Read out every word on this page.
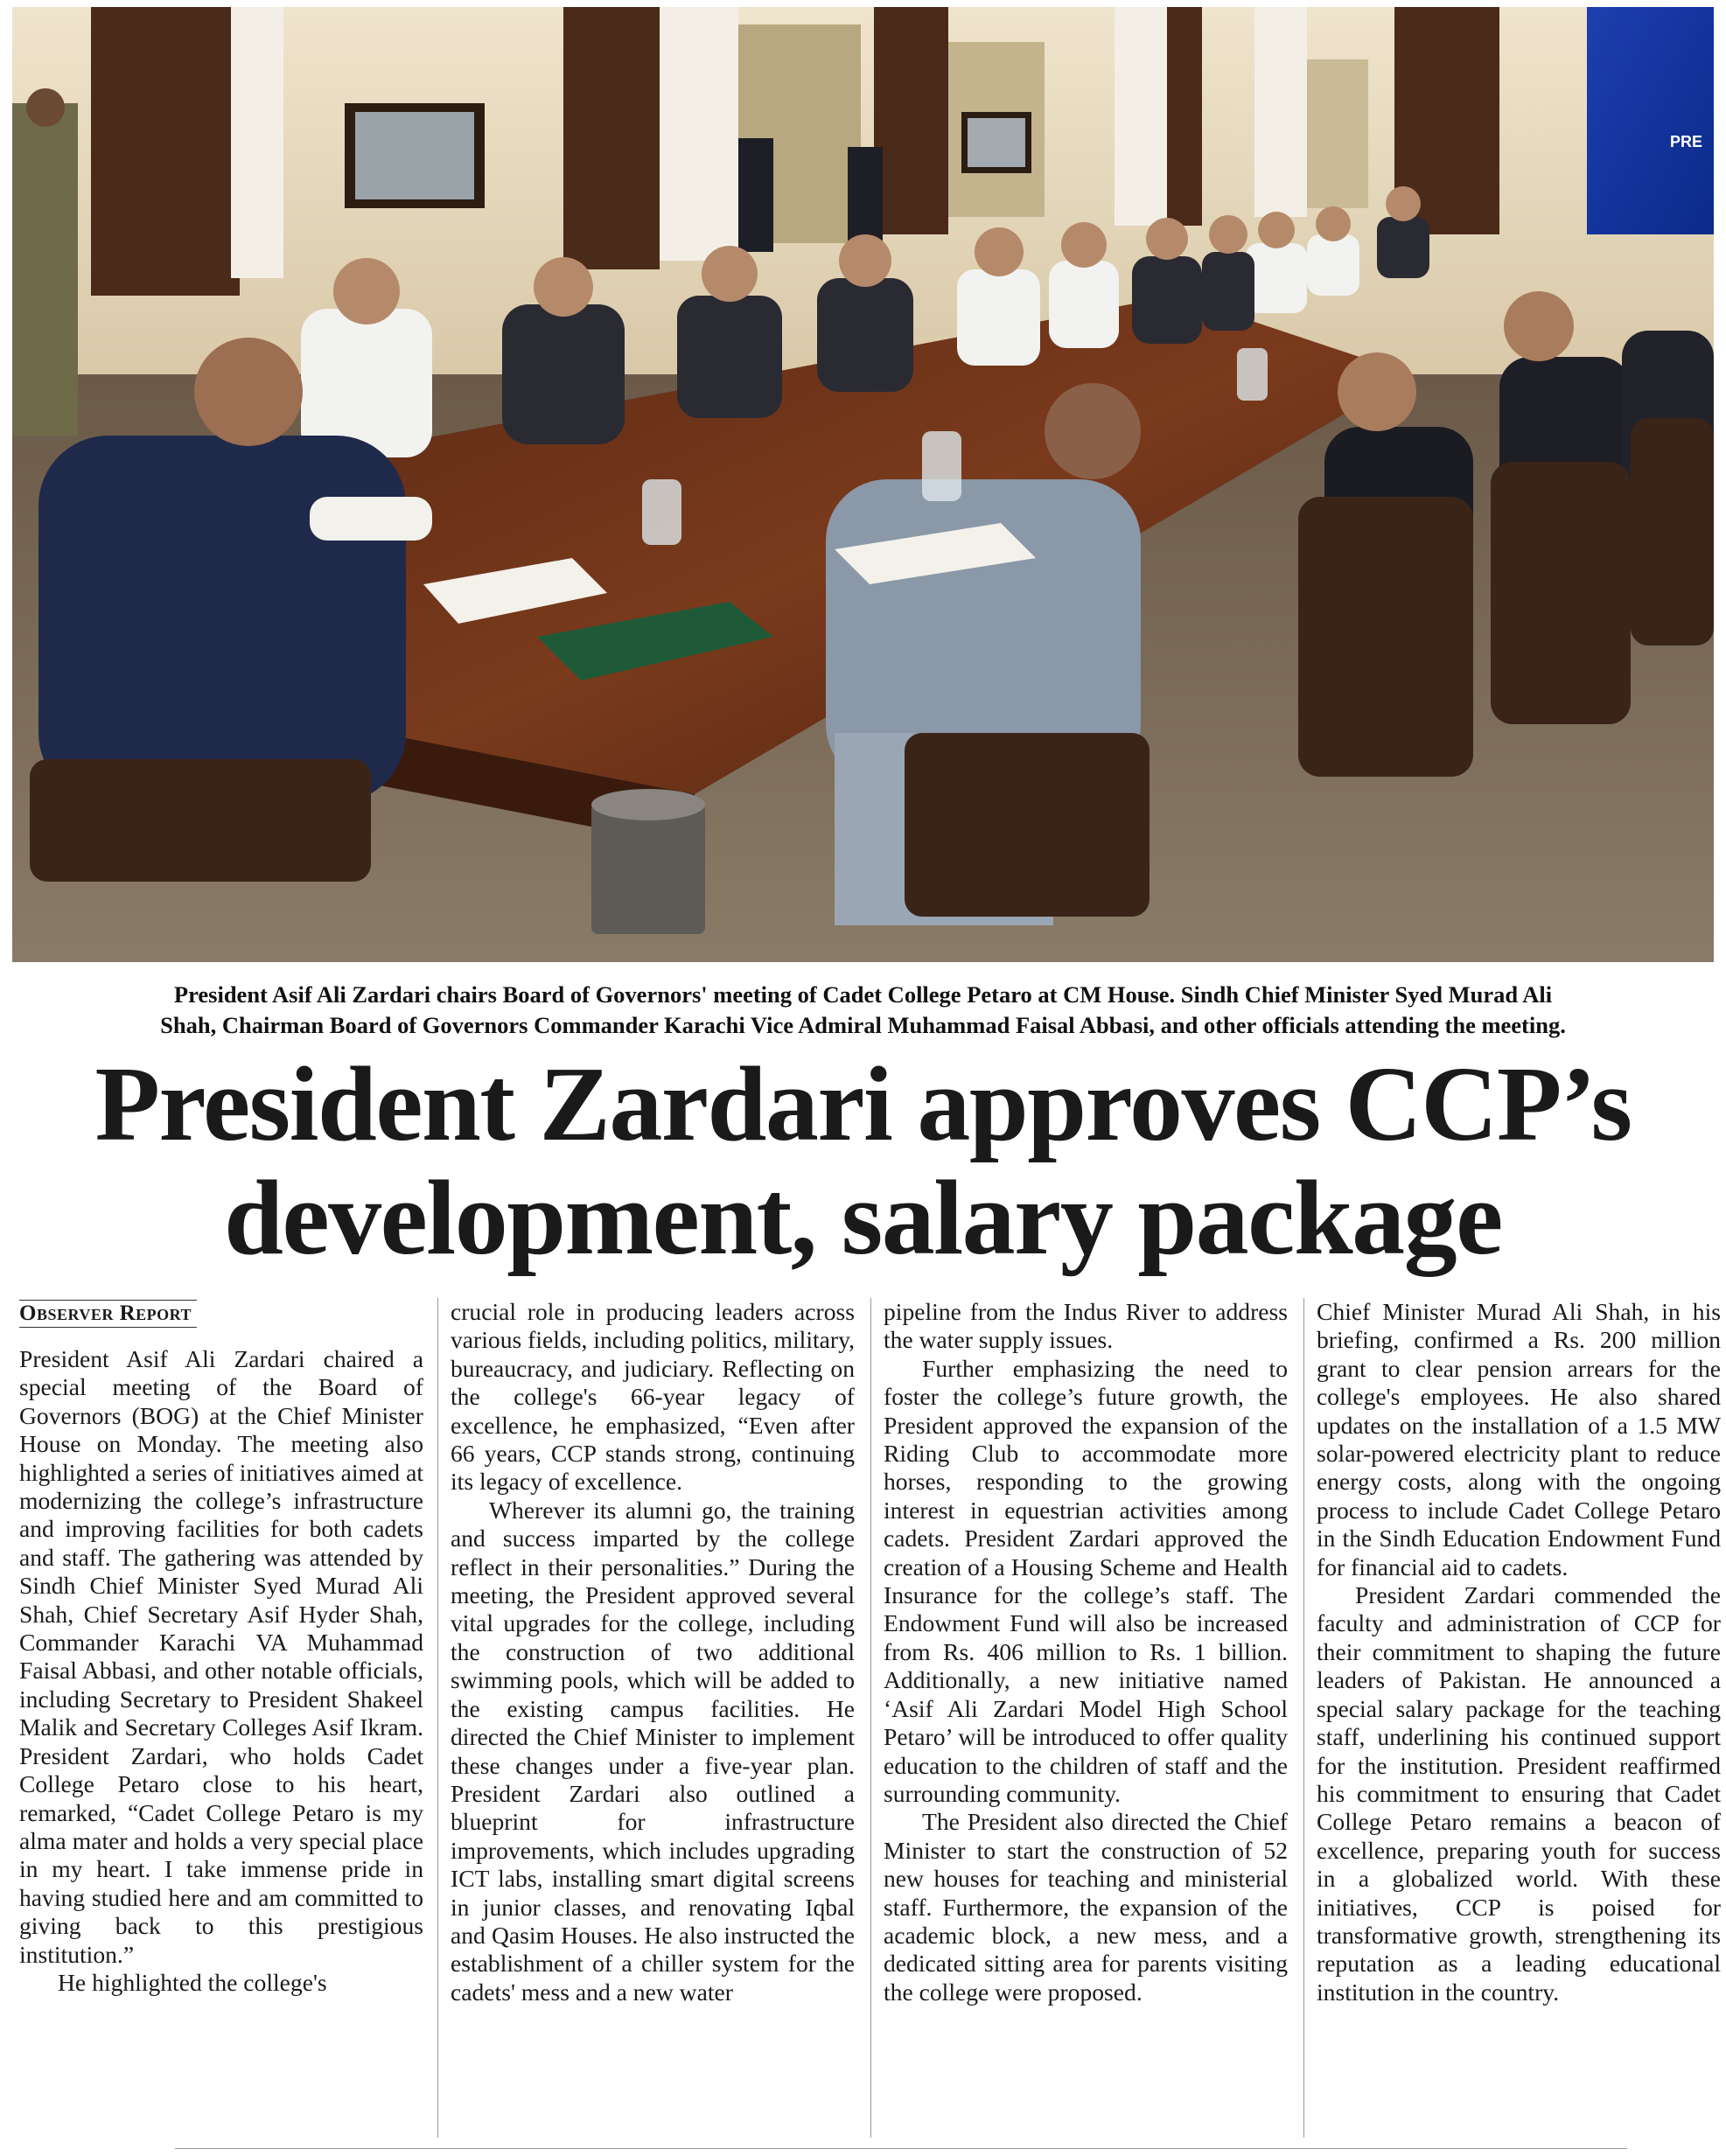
PRE

President Asif Ali Zardari chairs Board of Governors' meeting of Cadet College Petaro at CM House. Sindh Chief Minister Syed Murad Ali

Shah, Chairman Board of Governors Commander Karachi Vice Admiral Muhammad Faisal Abbasi, and other officials attending the meeting.

President Zardari approves CCP’s

development, salary package

Observer Report

President Asif Ali Zardari chaired a special meeting of the Board of Governors (BOG) at the Chief Minister House on Monday. The meeting also highlighted a series of initiatives aimed at modernizing the college’s infrastructure and improving facilities for both cadets and staff. The gathering was attended by Sindh Chief Minister Syed Murad Ali Shah, Chief Secretary Asif Hyder Shah, Commander Karachi VA Muhammad Faisal Abbasi, and other notable officials, including Secretary to President Shakeel Malik and Secretary Colleges Asif Ikram. President Zardari, who holds Cadet College Petaro close to his heart, remarked, “Cadet College Petaro is my alma mater and holds a very special place in my heart. I take immense pride in having studied here and am committed to giving back to this prestigious institution.”

He highlighted the college's

crucial role in producing leaders across various fields, including politics, military, bureaucracy, and judiciary. Reflecting on the college's 66-year legacy of excellence, he emphasized, “Even after 66 years, CCP stands strong, continuing its legacy of excellence.

Wherever its alumni go, the training and success imparted by the college reflect in their personalities.” During the meeting, the President approved several vital upgrades for the college, including the construction of two additional swimming pools, which will be added to the existing campus facilities. He directed the Chief Minister to implement these changes under a five-year plan. President Zardari also outlined a blueprint for infrastructure improvements, which includes upgrading ICT labs, installing smart digital screens in junior classes, and renovating Iqbal and Qasim Houses. He also instructed the establishment of a chiller system for the cadets' mess and a new water

pipeline from the Indus River to address the water supply issues.

Further emphasizing the need to foster the college’s future growth, the President approved the expansion of the Riding Club to accommodate more horses, responding to the growing interest in equestrian activities among cadets. President Zardari approved the creation of a Housing Scheme and Health Insurance for the college’s staff. The Endowment Fund will also be increased from Rs. 406 million to Rs. 1 billion. Additionally, a new initiative named ‘Asif Ali Zardari Model High School Petaro’ will be introduced to offer quality education to the children of staff and the surrounding community.

The President also directed the Chief Minister to start the construction of 52 new houses for teaching and ministerial staff. Furthermore, the expansion of the academic block, a new mess, and a dedicated sitting area for parents visiting the college were proposed.

Chief Minister Murad Ali Shah, in his briefing, confirmed a Rs. 200 million grant to clear pension arrears for the college's employees. He also shared updates on the installation of a 1.5 MW solar-powered electricity plant to reduce energy costs, along with the ongoing process to include Cadet College Petaro in the Sindh Education Endowment Fund for financial aid to cadets.

President Zardari commended the faculty and administration of CCP for their commitment to shaping the future leaders of Pakistan. He announced a special salary package for the teaching staff, underlining his continued support for the institution. President reaffirmed his commitment to ensuring that Cadet College Petaro remains a beacon of excellence, preparing youth for success in a globalized world. With these initiatives, CCP is poised for transformative growth, strengthening its reputation as a leading educational institution in the country.
